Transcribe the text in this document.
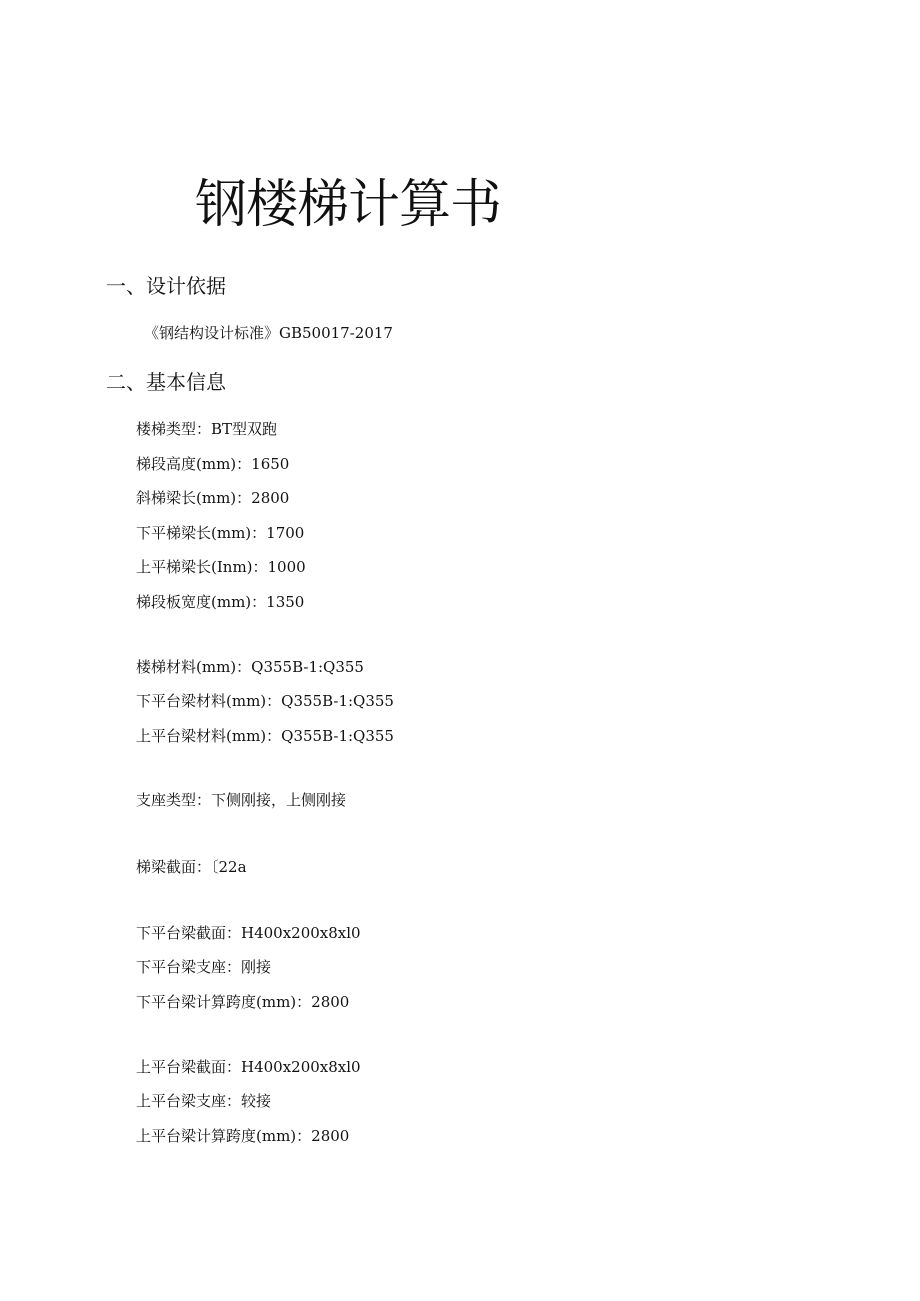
钢楼梯计算书
一、设计依据
《钢结构设计标准》GB50017-2017
二、基本信息
楼梯类型：BT型双跑
梯段高度(mm)：1650
斜梯梁长(mm)：2800
下平梯梁长(mm)：1700
上平梯梁长(Inm)：1000
梯段板宽度(mm)：1350
楼梯材料(mm)：Q355B-1:Q355
下平台梁材料(mm)：Q355B-1:Q355
上平台梁材料(mm)：Q355B-1:Q355
支座类型：下侧刚接，上侧刚接
梯梁截面：〔22a
下平台梁截面：H400x200x8xl0
下平台梁支座：刚接
下平台梁计算跨度(mm)：2800
上平台梁截面：H400x200x8xl0
上平台梁支座：较接
上平台梁计算跨度(mm)：2800
